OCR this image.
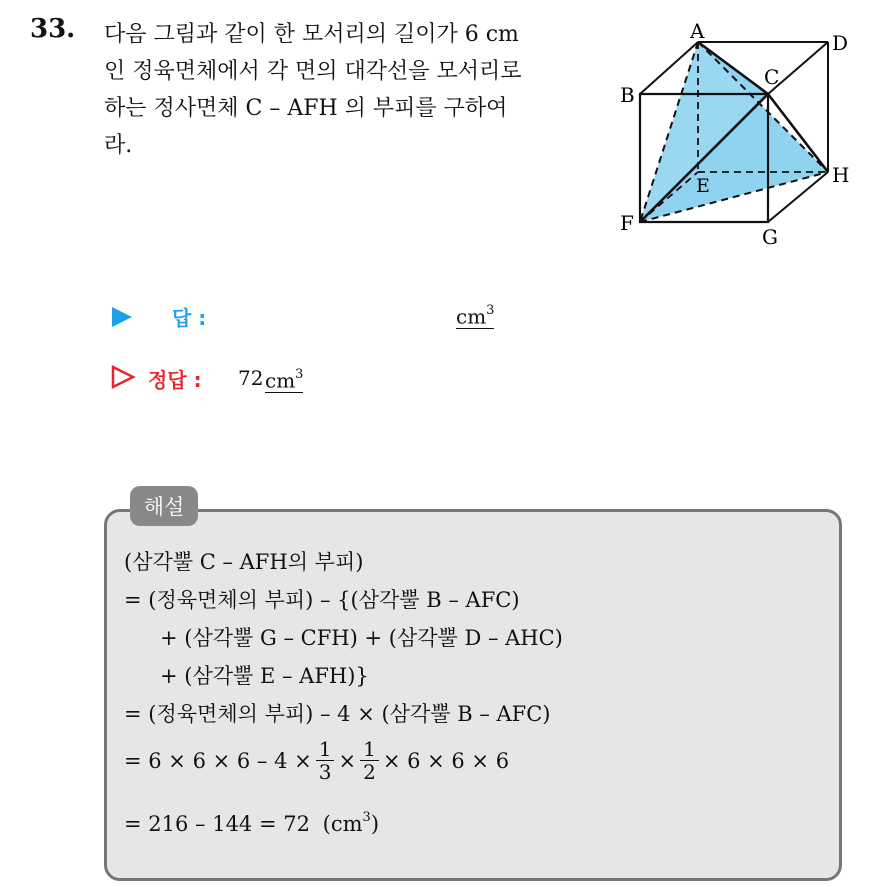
33. 다음 그림과 같이 한 모서리의 길이가 6 cm
인 정육면체에서 각 면의 대각선을 모서리로
하는 정사면체 C – AFH 의 부피를 구하여
라.
A
B
C
D
E
F
G
H
답 :	$cm^3$
정답 : 72 $cm^3$
해설
(삼각뿔 C – AFH의 부피)
= (정육면체의 부피) – {(삼각뿔 B – AFC)
+ (삼각뿔 G – CFH) + (삼각뿔 D – AHC)
+ (삼각뿔 E – AFH)}
= (정육면체의 부피) – 4 × (삼각뿔 B – AFC)
= $6 \times 6 \times 6 - 4 \times \frac{1}{3} \times \frac{1}{2} \times 6 \times 6 \times 6$
= 216 – 144 = 72 $(cm^3)$
